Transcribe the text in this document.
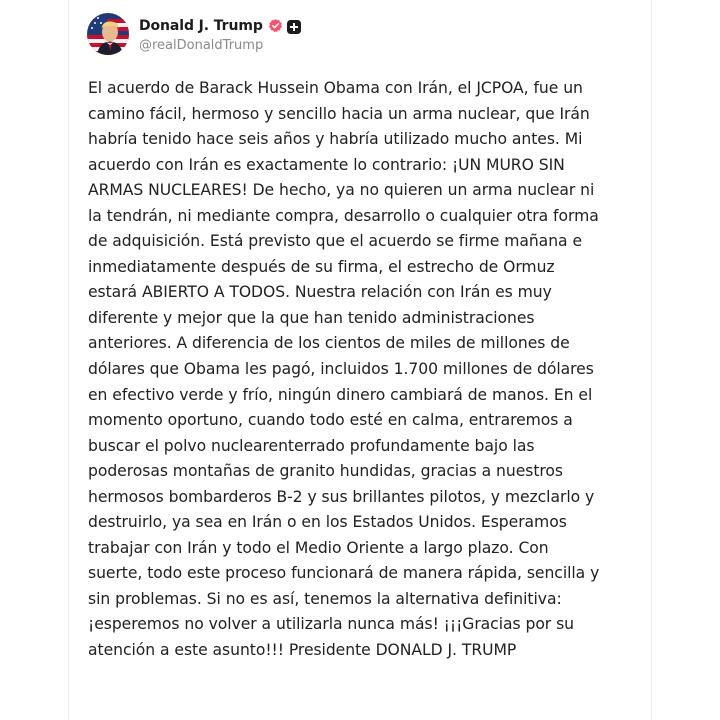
Donald J. Trump
@realDonaldTrump
El acuerdo de Barack Hussein Obama con Irán, el JCPOA, fue un
camino fácil, hermoso y sencillo hacia un arma nuclear, que Irán
habría tenido hace seis años y habría utilizado mucho antes. Mi
acuerdo con Irán es exactamente lo contrario: ¡UN MURO SIN
ARMAS NUCLEARES! De hecho, ya no quieren un arma nuclear ni
la tendrán, ni mediante compra, desarrollo o cualquier otra forma
de adquisición. Está previsto que el acuerdo se firme mañana e
inmediatamente después de su firma, el estrecho de Ormuz
estará ABIERTO A TODOS. Nuestra relación con Irán es muy
diferente y mejor que la que han tenido administraciones
anteriores. A diferencia de los cientos de miles de millones de
dólares que Obama les pagó, incluidos 1.700 millones de dólares
en efectivo verde y frío, ningún dinero cambiará de manos. En el
momento oportuno, cuando todo esté en calma, entraremos a
buscar el polvo nuclearenterrado profundamente bajo las
poderosas montañas de granito hundidas, gracias a nuestros
hermosos bombarderos B-2 y sus brillantes pilotos, y mezclarlo y
destruirlo, ya sea en Irán o en los Estados Unidos. Esperamos
trabajar con Irán y todo el Medio Oriente a largo plazo. Con
suerte, todo este proceso funcionará de manera rápida, sencilla y
sin problemas. Si no es así, tenemos la alternativa definitiva:
¡esperemos no volver a utilizarla nunca más! ¡¡¡Gracias por su
atención a este asunto!!! Presidente DONALD J. TRUMP
